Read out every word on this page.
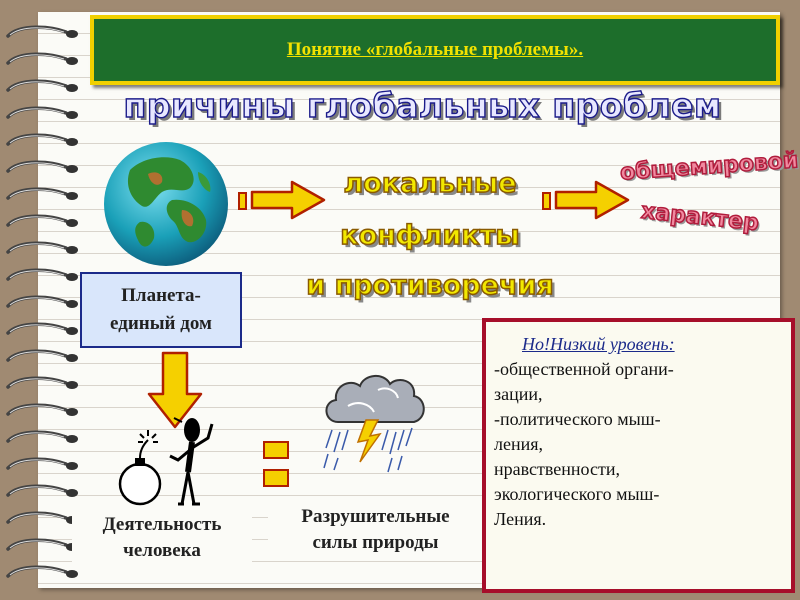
Понятие «глобальные проблемы».
причины глобальных проблем
локальные
конфликты
и противоречия
общемировой
характер
Планета-
единый дом
Деятельность
человека
Разрушительные
силы природы
Но!Низкий уровень:
-общественной органи-
зации,
-политического мыш-
ления,
нравственности,
экологического мыш-
Ления.
